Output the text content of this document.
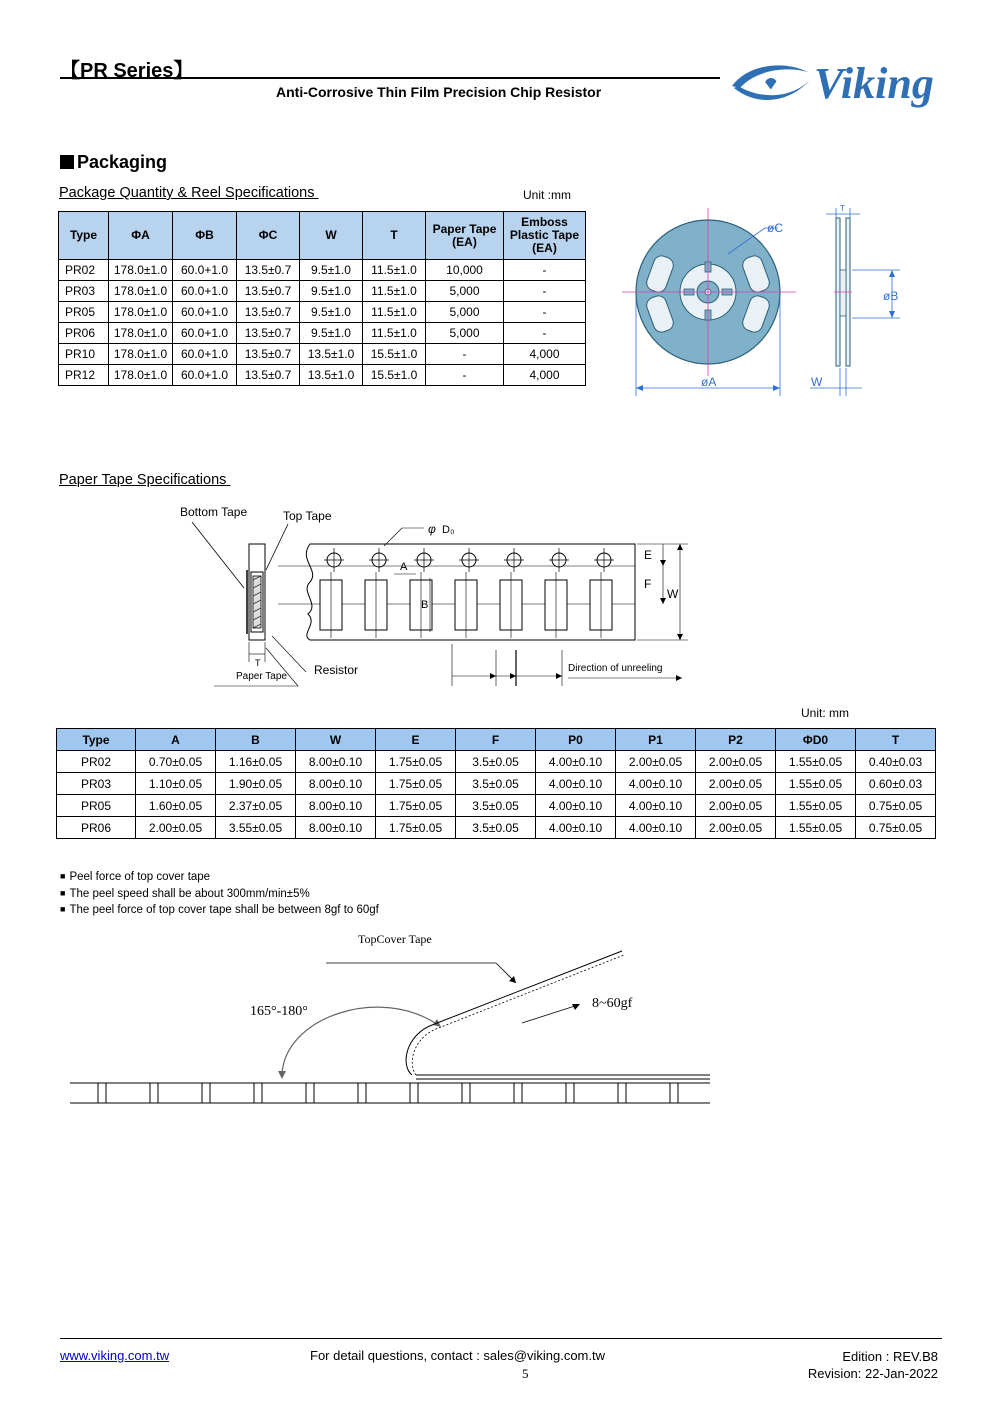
【PR Series】
Anti-Corrosive Thin Film Precision Chip Resistor	Viking
Packaging
Package Quantity & Reel Specifications	Unit :mm
Type	ΦA	ΦB	ΦC	W	T	Paper Tape (EA)	Emboss Plastic Tape (EA)
PR02	178.0±1.0	60.0+1.0	13.5±0.7	9.5±1.0	11.5±1.0	10,000	-
PR03	178.0±1.0	60.0+1.0	13.5±0.7	9.5±1.0	11.5±1.0	5,000	-
PR05	178.0±1.0	60.0+1.0	13.5±0.7	9.5±1.0	11.5±1.0	5,000	-
PR06	178.0±1.0	60.0+1.0	13.5±0.7	9.5±1.0	11.5±1.0	5,000	-
PR10	178.0±1.0	60.0+1.0	13.5±0.7	13.5±1.0	15.5±1.0	-	4,000
PR12	178.0±1.0	60.0+1.0	13.5±0.7	13.5±1.0	15.5±1.0	-	4,000
øC
øA
T
øB
W
Paper Tape Specifications
Bottom Tape	Top Tape
T
Paper Tape Resistor
φ D₀
A
B
E
F
W
Direction of unreeling
Unit: mm
Type	A	B	W	E	F	P0	P1	P2	ΦD0	T
PR02	0.70±0.05	1.16±0.05	8.00±0.10	1.75±0.05	3.5±0.05	4.00±0.10	2.00±0.05	2.00±0.05	1.55±0.05	0.40±0.03
PR03	1.10±0.05	1.90±0.05	8.00±0.10	1.75±0.05	3.5±0.05	4.00±0.10	4.00±0.10	2.00±0.05	1.55±0.05	0.60±0.03
PR05	1.60±0.05	2.37±0.05	8.00±0.10	1.75±0.05	3.5±0.05	4.00±0.10	4.00±0.10	2.00±0.05	1.55±0.05	0.75±0.05
PR06	2.00±0.05	3.55±0.05	8.00±0.10	1.75±0.05	3.5±0.05	4.00±0.10	4.00±0.10	2.00±0.05	1.55±0.05	0.75±0.05
■ Peel force of top cover tape
■ The peel speed shall be about 300mm/min±5%
■ The peel force of top cover tape shall be between 8gf to 60gf
TopCover Tape
165°-180°
8~60gf
www.viking.com.tw	For detail questions, contact : sales@viking.com.tw
5
Edition : REV.B8
Revision: 22-Jan-2022
